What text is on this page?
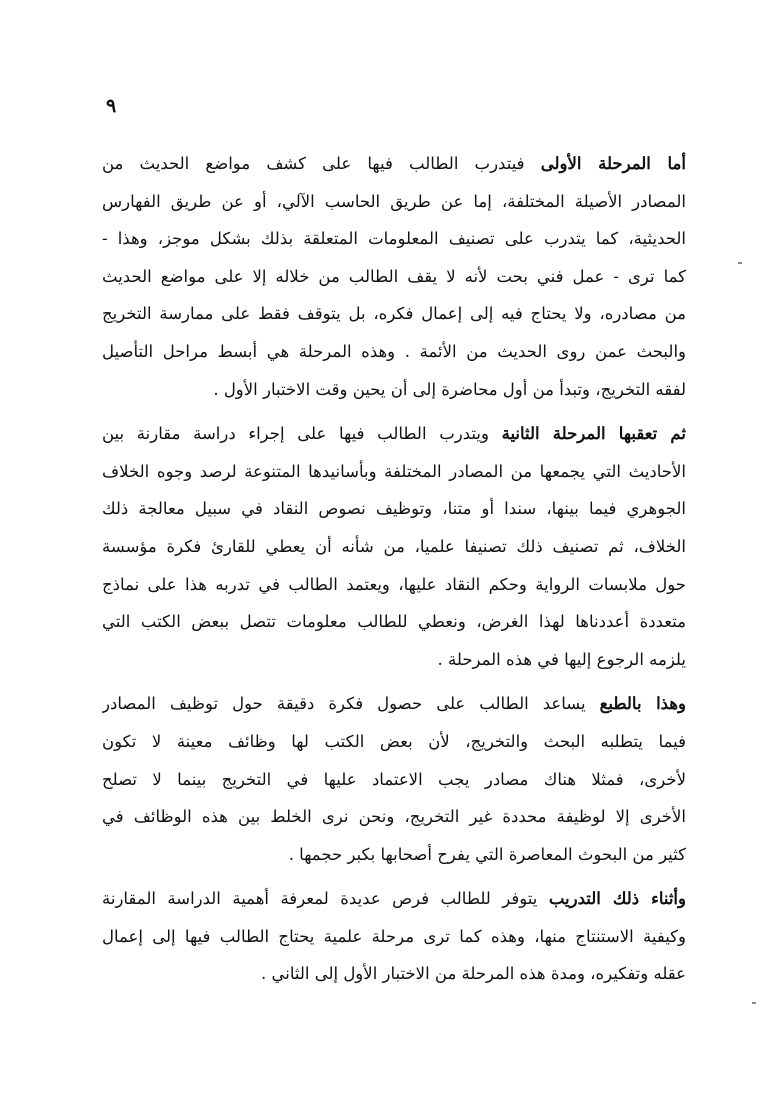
٩

أما المرحلة الأولى فيتدرب الطالب فيها على كشف مواضع الحديث من
المصادر الأصيلة المختلفة، إما عن طريق الحاسب الآلي، أو عن طريق الفهارس
الحديثية، كما يتدرب على تصنيف المعلومات المتعلقة بذلك بشكل موجز، وهذا -
كما ترى - عمل فني بحت لأنه لا يقف الطالب من خلاله إلا على مواضع الحديث
من مصادره، ولا يحتاج فيه إلى إعمال فكره، بل يتوقف فقط على ممارسة التخريج
والبحث عمن روى الحديث من الأئمة . وهذه المرحلة هي أبسط مراحل التأصيل
لفقه التخريج، وتبدأ من أول محاضرة إلى أن يحين وقت الاختبار الأول .

ثم تعقبها المرحلة الثانية ويتدرب الطالب فيها على إجراء دراسة مقارنة بين
الأحاديث التي يجمعها من المصادر المختلفة وبأسانيدها المتنوعة لرصد وجوه الخلاف
الجوهري فيما بينها، سندا أو متنا، وتوظيف نصوص النقاد في سبيل معالجة ذلك
الخلاف، ثم تصنيف ذلك تصنيفا علميا، من شأنه أن يعطي للقارئ فكرة مؤسسة
حول ملابسات الرواية وحكم النقاد عليها، ويعتمد الطالب في تدربه هذا على نماذج
متعددة أعددناها لهذا الغرض، ونعطي للطالب معلومات تتصل ببعض الكتب التي
يلزمه الرجوع إليها في هذه المرحلة .

وهذا بالطبع يساعد الطالب على حصول فكرة دقيقة حول توظيف المصادر
فيما يتطلبه البحث والتخريج، لأن بعض الكتب لها وظائف معينة لا تكون
لأخرى، فمثلا هناك مصادر يجب الاعتماد عليها في التخريج بينما لا تصلح
الأخرى إلا لوظيفة محددة غير التخريج، ونحن نرى الخلط بين هذه الوظائف في
كثير من البحوث المعاصرة التي يفرح أصحابها بكبر حجمها .

وأثناء ذلك التدريب يتوفر للطالب فرص عديدة لمعرفة أهمية الدراسة المقارنة
وكيفية الاستنتاج منها، وهذه كما ترى مرحلة علمية يحتاج الطالب فيها إلى إعمال
عقله وتفكيره، ومدة هذه المرحلة من الاختبار الأول إلى الثاني .
